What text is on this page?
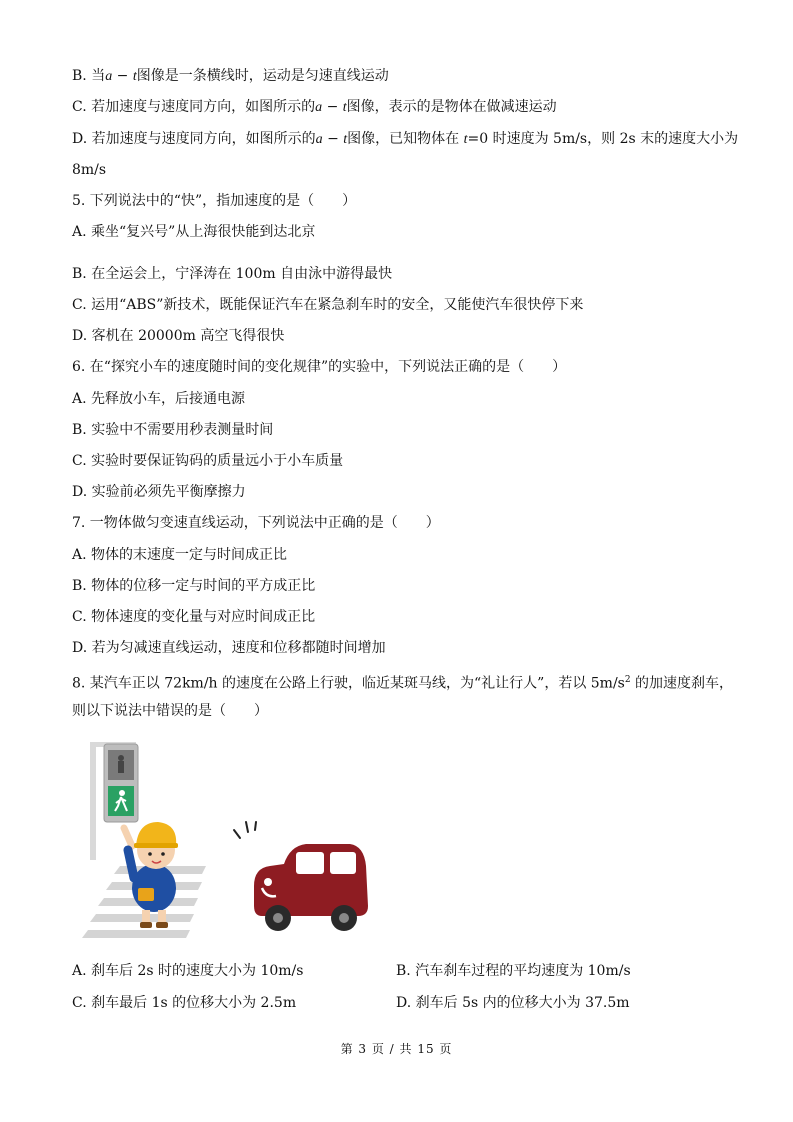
B. 当a − t图像是一条横线时，运动是匀速直线运动
C. 若加速度与速度同方向，如图所示的a − t图像，表示的是物体在做减速运动
D. 若加速度与速度同方向，如图所示的a − t图像，已知物体在 t=0 时速度为 5m/s，则 2s 末的速度大小为
8m/s
5. 下列说法中的“快”，指加速度的是（　　）
A. 乘坐“复兴号”从上海很快能到达北京
B. 在全运会上，宁泽涛在 100m 自由泳中游得最快
C. 运用“ABS”新技术，既能保证汽车在紧急刹车时的安全，又能使汽车很快停下来
D. 客机在 20000m 高空飞得很快
6. 在“探究小车的速度随时间的变化规律”的实验中，下列说法正确的是（　　）
A. 先释放小车，后接通电源
B. 实验中不需要用秒表测量时间
C. 实验时要保证钩码的质量远小于小车质量
D. 实验前必须先平衡摩擦力
7. 一物体做匀变速直线运动，下列说法中正确的是（　　）
A. 物体的末速度一定与时间成正比
B. 物体的位移一定与时间的平方成正比
C. 物体速度的变化量与对应时间成正比
D. 若为匀减速直线运动，速度和位移都随时间增加
8. 某汽车正以 72km/h 的速度在公路上行驶，临近某斑马线，为“礼让行人”，若以 $5m/s^2$ 的加速度刹车，
则以下说法中错误的是（　　）
A. 刹车后 2s 时的速度大小为 10m/s	B. 汽车刹车过程的平均速度为 10m/s
C. 刹车最后 1s 的位移大小为 2.5m	D. 刹车后 5s 内的位移大小为 37.5m
第 3 页 / 共 15 页
